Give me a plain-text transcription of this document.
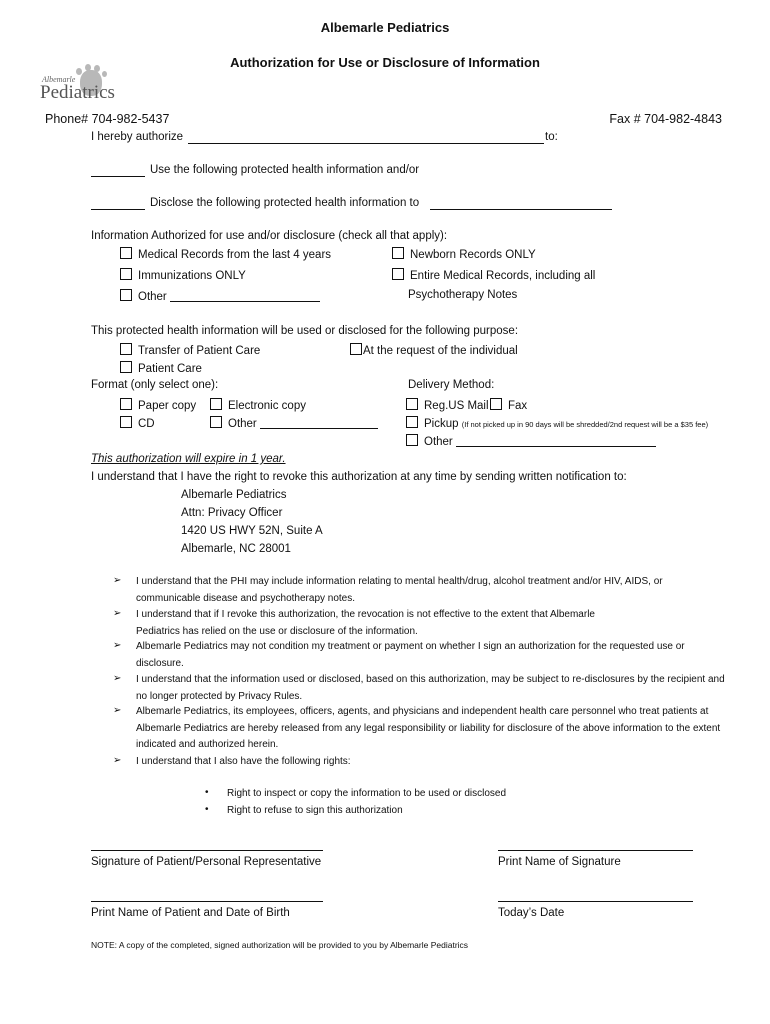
Albemarle Pediatrics
Authorization for Use or Disclosure of Information
Albemarle
Pediatrics
Phone# 704-982-5437	Fax # 704-982-4843
I hereby authorize	to:
Use the following protected health information and/or
Disclose the following protected health information to
Information Authorized for use and/or disclosure (check all that apply):
Medical Records from the last 4 years
Immunizations ONLY
Other
Newborn Records ONLY
Entire Medical Records, including all
Psychotherapy Notes
This protected health information will be used or disclosed for the following purpose:
Transfer of Patient Care
Patient Care
At the request of the individual
Format (only select one):
Paper copy	Electronic copy
CD	Other
Delivery Method:
Reg.US Mail	Fax
Pickup (If not picked up in 90 days will be shredded/2nd request will be a $35 fee)
Other
This authorization will expire in 1 year.
I understand that I have the right to revoke this authorization at any time by sending written notification to:
Albemarle Pediatrics
Attn: Privacy Officer
1420 US HWY 52N, Suite A
Albemarle, NC 28001
➢ I understand that the PHI may include information relating to mental health/drug, alcohol treatment and/or HIV, AIDS, or communicable disease and psychotherapy notes.
➢ I understand that if I revoke this authorization, the revocation is not effective to the extent that Albemarle Pediatrics has relied on the use or disclosure of the information.
➢ Albemarle Pediatrics may not condition my treatment or payment on whether I sign an authorization for the requested use or disclosure.
➢ I understand that the information used or disclosed, based on this authorization, may be subject to re-disclosures by the recipient and no longer protected by Privacy Rules.
➢ Albemarle Pediatrics, its employees, officers, agents, and physicians and independent health care personnel who treat patients at Albemarle Pediatrics are hereby released from any legal responsibility or liability for disclosure of the above information to the extent indicated and authorized herein.
➢ I understand that I also have the following rights:
• Right to inspect or copy the information to be used or disclosed
• Right to refuse to sign this authorization
Signature of Patient/Personal Representative	Print Name of Signature
Print Name of Patient and Date of Birth	Today’s Date
NOTE: A copy of the completed, signed authorization will be provided to you by Albemarle Pediatrics
